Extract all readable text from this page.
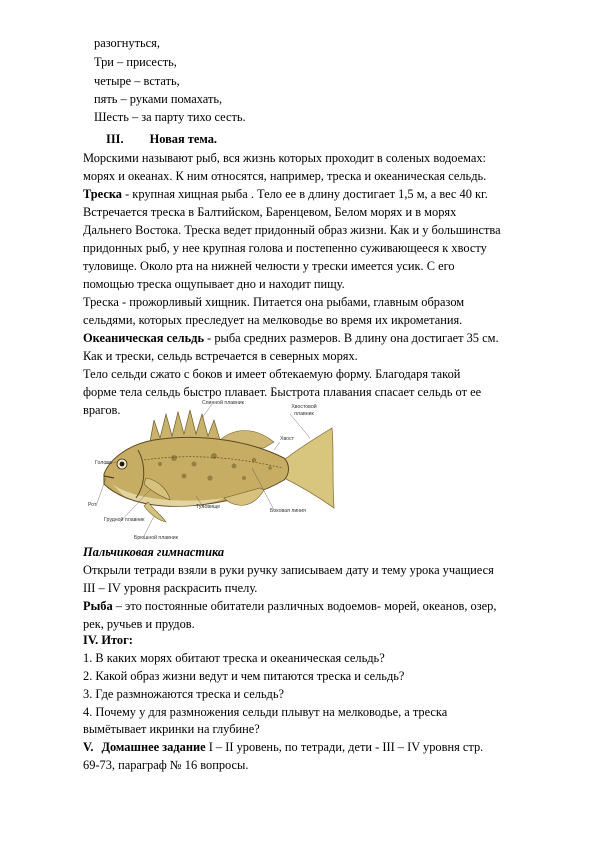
разогнуться,
Три – присесть,
четыре – встать,
пять – руками помахать,
Шесть – за парту тихо сесть.
III. Новая тема.
Морскими называют рыб, вся жизнь которых проходит в соленых водоемах:
морях и океанах. К ним относятся, например, треска и океаническая сельдь.
Треска - крупная хищная рыба . Тело ее в длину достигает 1,5 м, а вес 40 кг.
Встречается треска в Балтийском, Баренцевом, Белом морях и в морях
Дальнего Востока. Треска ведет придонный образ жизни. Как и у большинства
придонных рыб, у нее крупная голова и постепенно суживающееся к хвосту
туловище. Около рта на нижней челюсти у трески имеется усик. С его
помощью треска ощупывает дно и находит пищу.
Треска - прожорливый хищник. Питается она рыбами, главным образом
сельдями, которых преследует на мелководье во время их икрометания.
Океаническая сельдь - рыба средних размеров. В длину она достигает 35 см.
Как и трески, сельдь встречается в северных морях.
Тело сельди сжато с боков и имеет обтекаемую форму. Благодаря такой
форме тела сельдь быстро плавает. Быстрота плавания спасает сельдь от ее
врагов.	Спинной плавник
Хвостовой плавник
Хвост
Голова
Рот
Грудной плавник
Туловище
Боковая линия
Брюшной плавник
Пальчиковая гимнастика
Открыли тетради взяли в руки ручку записываем дату и тему урока учащиеся
III – IV уровня раскрасить пчелу.
Рыба – это постоянные обитатели различных водоемов- морей, океанов, озер,
рек, ручьев и прудов.
IV. Итог:
1. В каких морях обитают треска и океаническая сельдь?
2. Какой образ жизни ведут и чем питаются треска и сельдь?
3. Где размножаются треска и сельдь?
4. Почему у для размножения сельди плывут на мелководье, а треска
вымётывает икринки на глубине?
V. Домашнее задание I – II уровень, по тетради, дети - III – IV уровня стр.
69-73, параграф № 16 вопросы.
